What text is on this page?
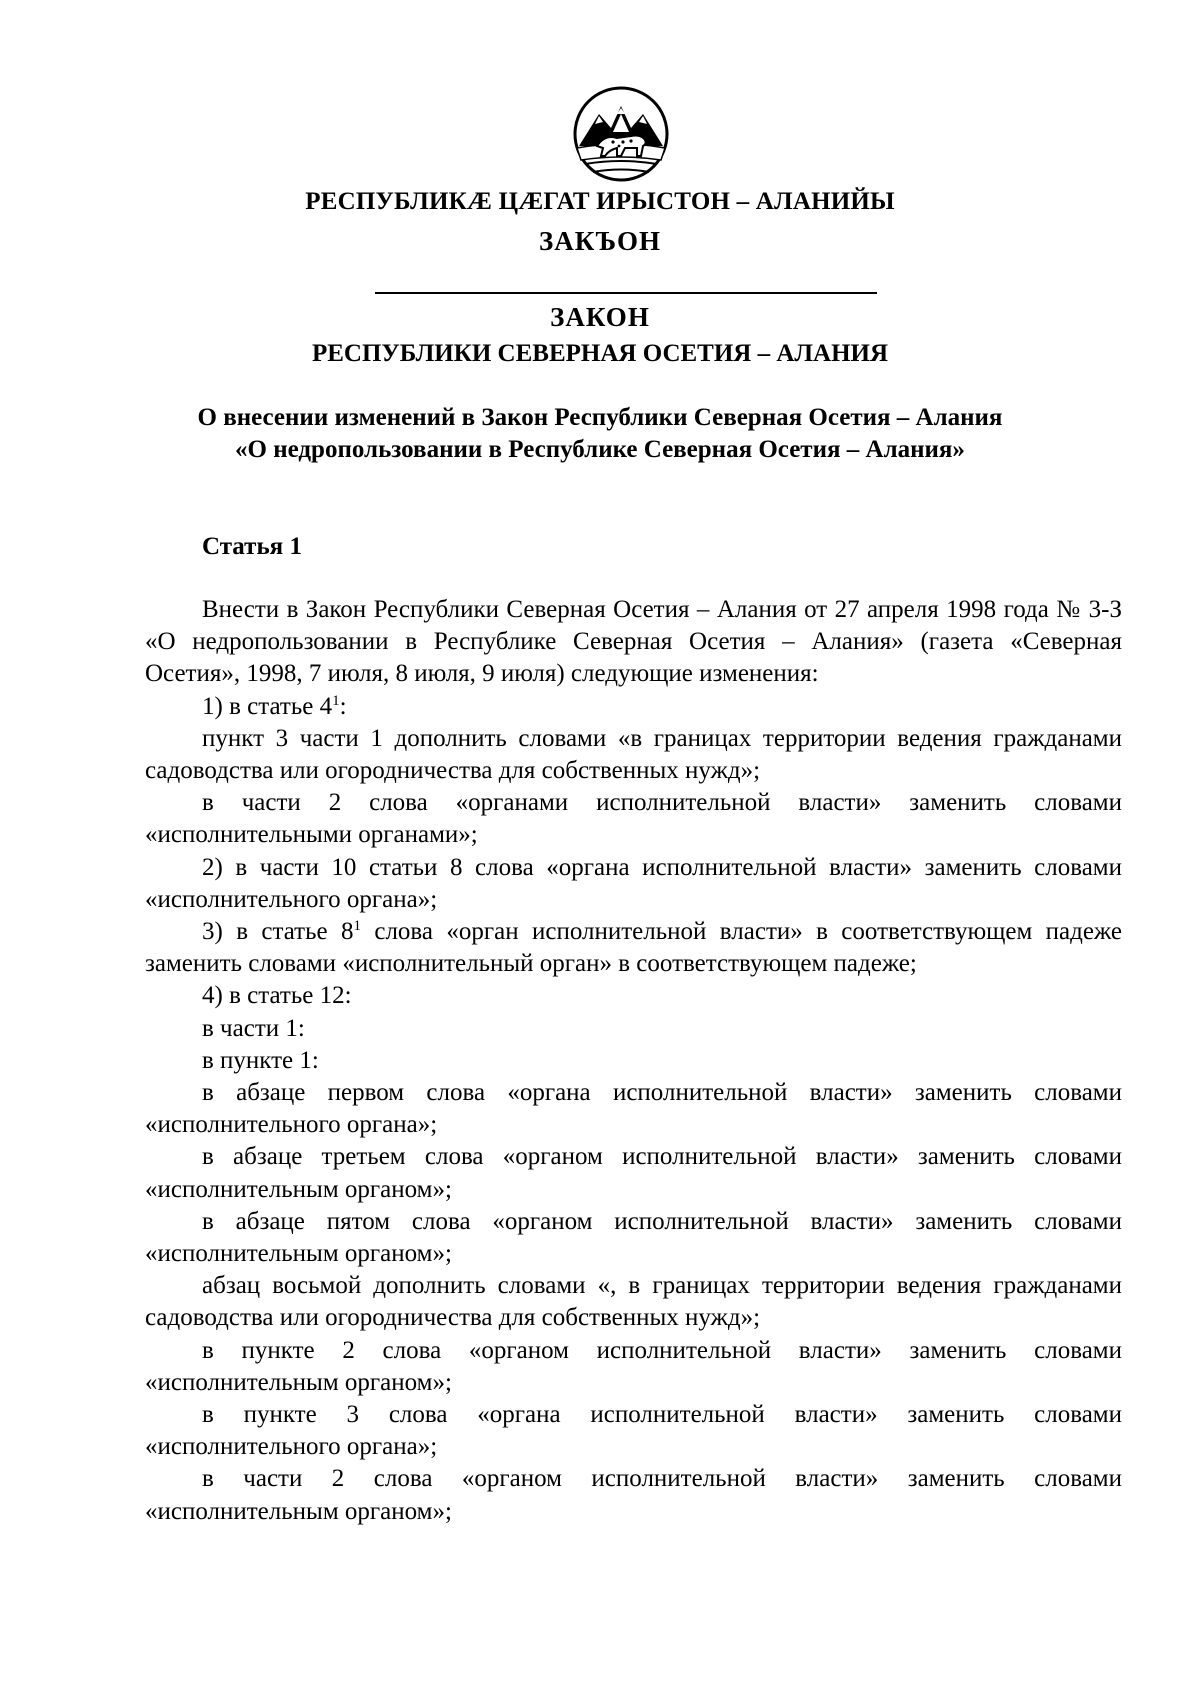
РЕСПУБЛИКÆ ЦÆГАТ ИРЫСТОН – АЛАНИЙЫ
ЗАКЪОН
ЗАКОН
РЕСПУБЛИКИ СЕВЕРНАЯ ОСЕТИЯ – АЛАНИЯ
О внесении изменений в Закон Республики Северная Осетия – Алания
«О недропользовании в Республике Северная Осетия – Алания»
Статья 1

Внести в Закон Республики Северная Осетия – Алания от 27 апреля 1998 года № 3-З «О недропользовании в Республике Северная Осетия – Алания» (газета «Северная Осетия», 1998, 7 июля, 8 июля, 9 июля) следующие изменения:

1) в статье $4^1$:

пункт 3 части 1 дополнить словами «в границах территории ведения гражданами садоводства или огородничества для собственных нужд»;

в части 2 слова «органами исполнительной власти» заменить словами «исполнительными органами»;

2) в части 10 статьи 8 слова «органа исполнительной власти» заменить словами «исполнительного органа»;

3) в статье $8^1$ слова «орган исполнительной власти» в соответствующем падеже заменить словами «исполнительный орган» в соответствующем падеже;

4) в статье 12:

в части 1:

в пункте 1:

в абзаце первом слова «органа исполнительной власти» заменить словами «исполнительного органа»;

в абзаце третьем слова «органом исполнительной власти» заменить словами «исполнительным органом»;

в абзаце пятом слова «органом исполнительной власти» заменить словами «исполнительным органом»;

абзац восьмой дополнить словами «, в границах территории ведения гражданами садоводства или огородничества для собственных нужд»;

в пункте 2 слова «органом исполнительной власти» заменить словами «исполнительным органом»;

в пункте 3 слова «органа исполнительной власти» заменить словами «исполнительного органа»;

в части 2 слова «органом исполнительной власти» заменить словами «исполнительным органом»;
